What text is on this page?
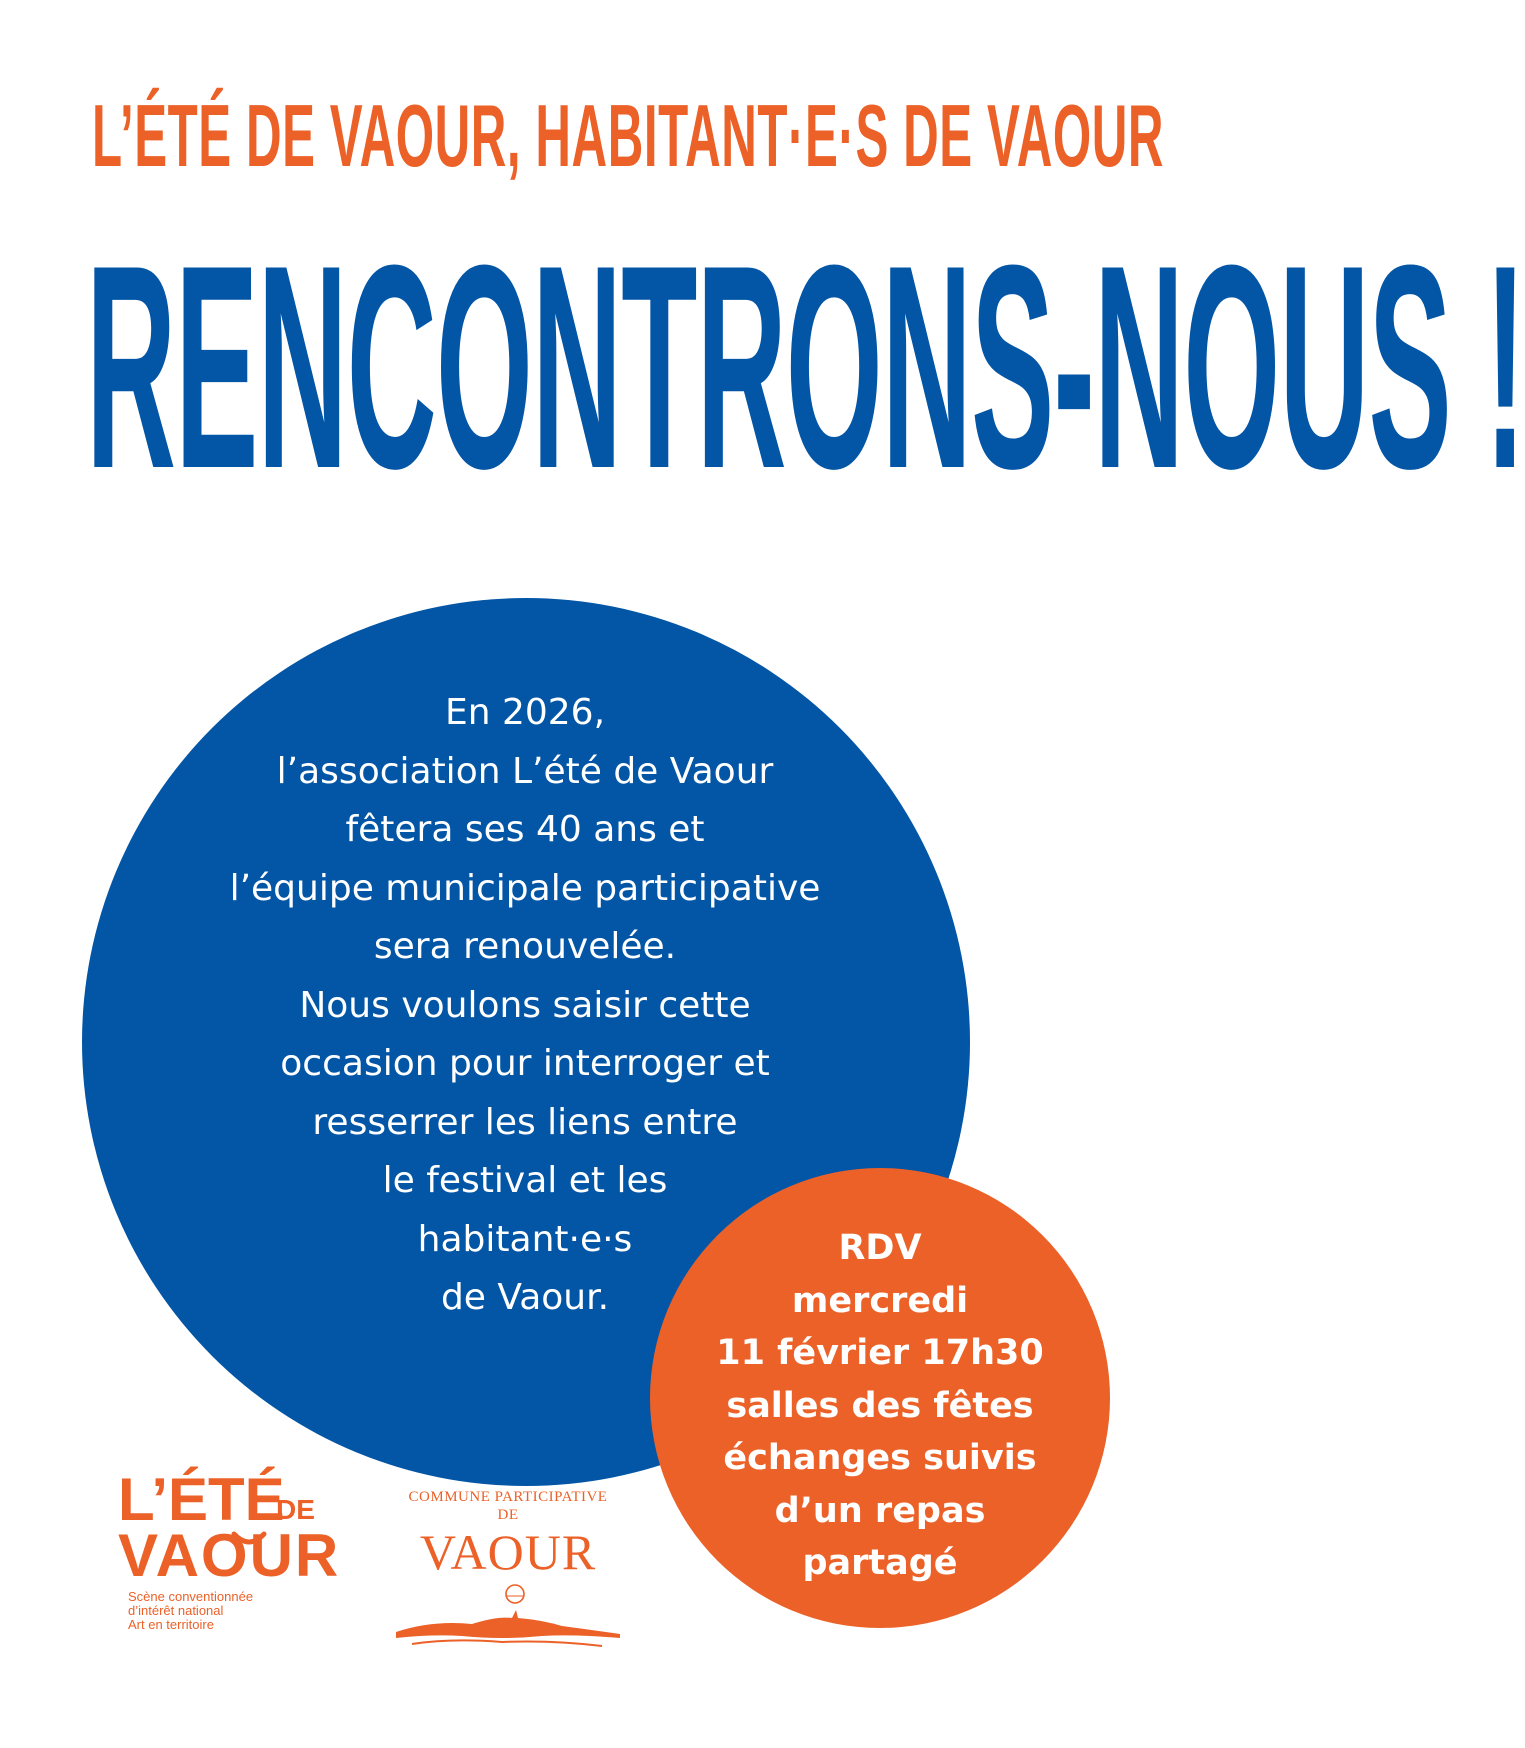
L’ÉTÉ DE VAOUR, HABITANT·E·S DE VAOUR
RENCONTRONS-NOUS !
En 2026,
l’association L’été de Vaour
fêtera ses 40 ans et
l’équipe municipale participative
sera renouvelée.
Nous voulons saisir cette
occasion pour interroger et
resserrer les liens entre
le festival et les
habitant·e·s
de Vaour.
RDV
mercredi
11 février 17h30
salles des fêtes
échanges suivis
d’un repas
partagé
L’ÉTÉ
DE
VAOUR
Scène conventionnée
d’intérêt national
Art en territoire
COMMUNE PARTICIPATIVE
DE
VAOUR
